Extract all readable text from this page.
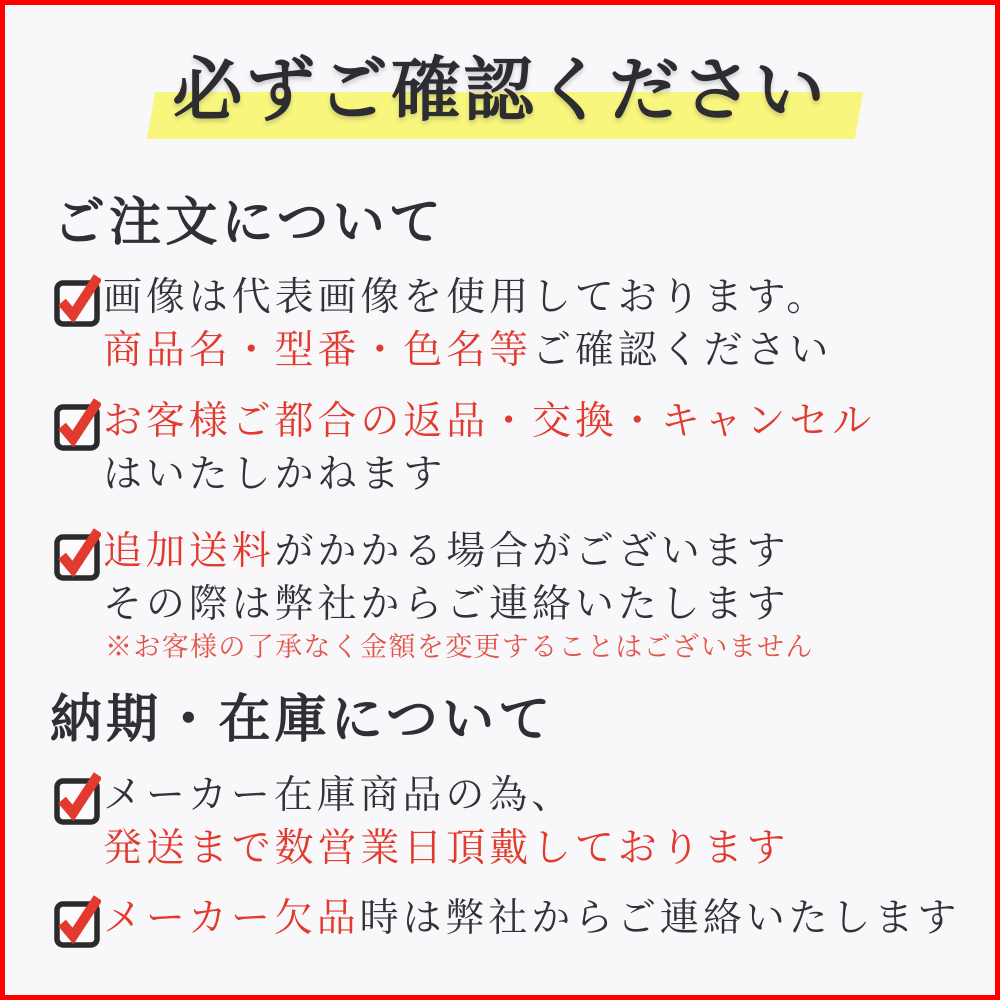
必ずご確認ください
ご注文について
画像は代表画像を使用しております。
商品名・型番・色名等ご確認ください
お客様ご都合の返品・交換・キャンセル
はいたしかねます
追加送料がかかる場合がございます
その際は弊社からご連絡いたします
※お客様の了承なく金額を変更することはございません
納期・在庫について
メーカー在庫商品の為、
発送まで数営業日頂戴しております
メーカー欠品時は弊社からご連絡いたします
